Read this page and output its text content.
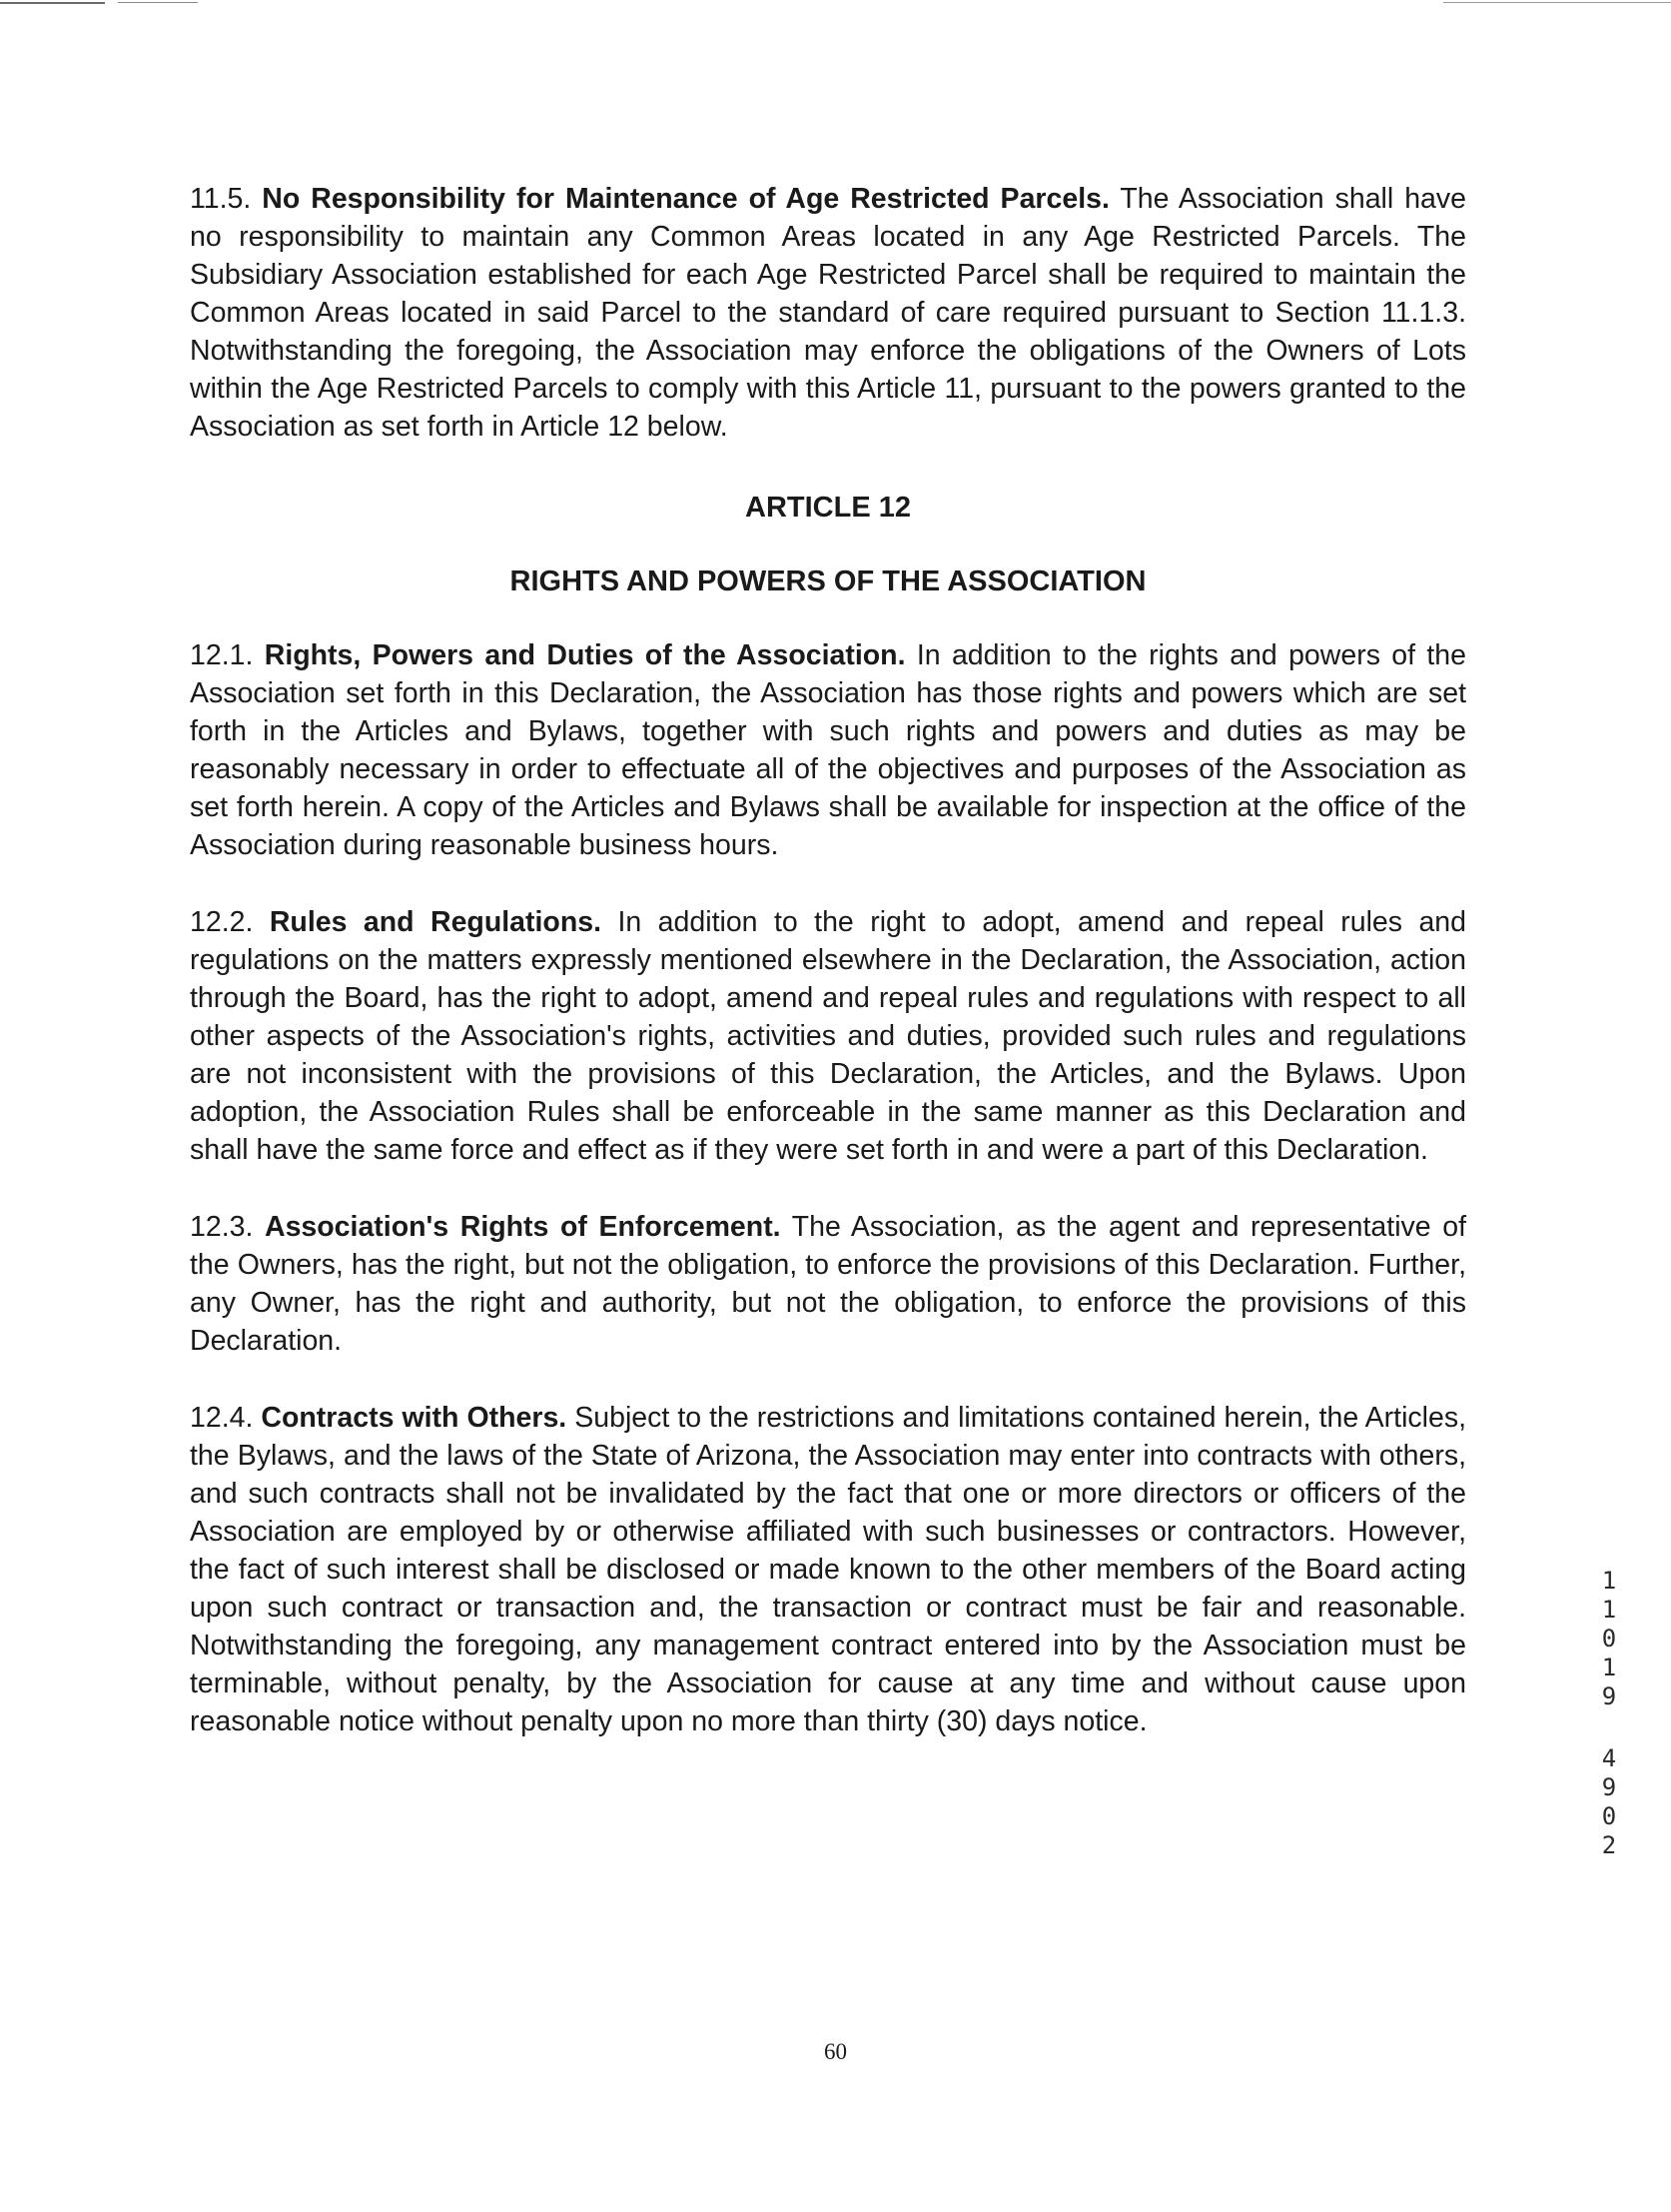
11.5. No Responsibility for Maintenance of Age Restricted Parcels. The Association shall have no responsibility to maintain any Common Areas located in any Age Restricted Parcels. The Subsidiary Association established for each Age Restricted Parcel shall be required to maintain the Common Areas located in said Parcel to the standard of care required pursuant to Section 11.1.3. Notwithstanding the foregoing, the Association may enforce the obligations of the Owners of Lots within the Age Restricted Parcels to comply with this Article 11, pursuant to the powers granted to the Association as set forth in Article 12 below.

ARTICLE 12

RIGHTS AND POWERS OF THE ASSOCIATION

12.1. Rights, Powers and Duties of the Association. In addition to the rights and powers of the Association set forth in this Declaration, the Association has those rights and powers which are set forth in the Articles and Bylaws, together with such rights and powers and duties as may be reasonably necessary in order to effectuate all of the objectives and purposes of the Association as set forth herein. A copy of the Articles and Bylaws shall be available for inspection at the office of the Association during reasonable business hours.

12.2. Rules and Regulations. In addition to the right to adopt, amend and repeal rules and regulations on the matters expressly mentioned elsewhere in the Declaration, the Association, action through the Board, has the right to adopt, amend and repeal rules and regulations with respect to all other aspects of the Association's rights, activities and duties, provided such rules and regulations are not inconsistent with the provisions of this Declaration, the Articles, and the Bylaws. Upon adoption, the Association Rules shall be enforceable in the same manner as this Declaration and shall have the same force and effect as if they were set forth in and were a part of this Declaration.

12.3. Association's Rights of Enforcement. The Association, as the agent and representative of the Owners, has the right, but not the obligation, to enforce the provisions of this Declaration. Further, any Owner, has the right and authority, but not the obligation, to enforce the provisions of this Declaration.

12.4. Contracts with Others. Subject to the restrictions and limitations contained herein, the Articles, the Bylaws, and the laws of the State of Arizona, the Association may enter into contracts with others, and such contracts shall not be invalidated by the fact that one or more directors or officers of the Association are employed by or otherwise affiliated with such businesses or contractors. However, the fact of such interest shall be disclosed or made known to the other members of the Board acting upon such contract or transaction and, the transaction or contract must be fair and reasonable. Notwithstanding the foregoing, any management contract entered into by the Association must be terminable, without penalty, by the Association for cause at any time and without cause upon reasonable notice without penalty upon no more than thirty (30) days notice.

1
1
0
1
9
4
9
0
2
60
